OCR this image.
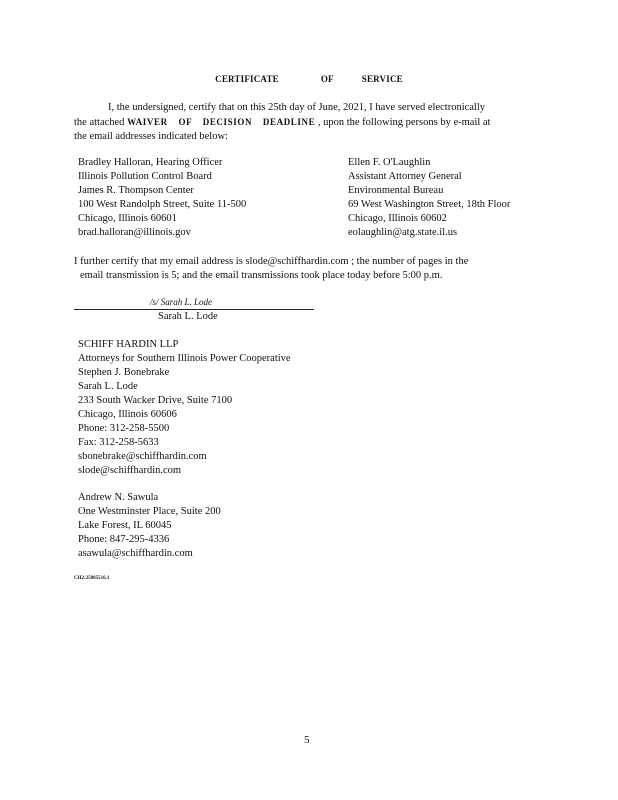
CERTIFICATE	OF	SERVICE

I, the undersigned, certify that on this 25th day of June, 2021, I have served electronically

the attached WAIVER OF DECISION DEADLINE , upon the following persons by e-mail at

the email addresses indicated below:

Bradley Halloran, Hearing Officer
Illinois Pollution Control Board
James R. Thompson Center
100 West Randolph Street, Suite 11-500
Chicago, Illinois 60601
brad.halloran@illinois.gov
Ellen F. O'Laughlin
Assistant Attorney General
Environmental Bureau
69 West Washington Street, 18th Floor
Chicago, Illinois 60602
eolaughlin@atg.state.il.us

I further certify that my email address is slode@schiffhardin.com ; the number of pages in the

email transmission is 5; and the email transmissions took place today before 5:00 p.m.

/s/ Sarah L. Lode
Sarah L. Lode
SCHIFF HARDIN LLP
Attorneys for Southern Illinois Power Cooperative
Stephen J. Bonebrake
Sarah L. Lode
233 South Wacker Drive, Suite 7100
Chicago, Illinois 60606
Phone: 312-258-5500
Fax: 312-258-5633
sbonebrake@schiffhardin.com
slode@schiffhardin.com
Andrew N. Sawula
One Westminster Place, Suite 200
Lake Forest, IL 60045
Phone: 847-295-4336
asawula@schiffhardin.com
CH2:25005516.1
5
